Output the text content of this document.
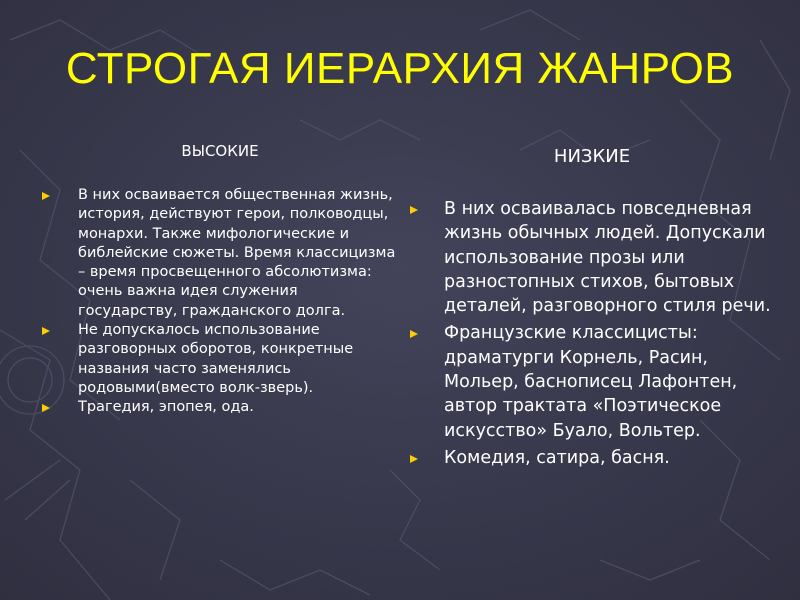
СТРОГАЯ ИЕРАРХИЯ ЖАНРОВ

ВЫСОКИЕ

В них осваивается общественная жизнь, история, действуют герои, полководцы, монархи. Также мифологические и библейские сюжеты. Время классицизма – время просвещенного абсолютизма: очень важна идея служения государству, гражданского долга.
Не допускалось использование разговорных оборотов, конкретные названия часто заменялись родовыми(вместо волк-зверь).
Трагедия, эпопея, ода.

НИЗКИЕ

В них осваивалась повседневная жизнь обычных людей. Допускали использование прозы или разностопных стихов, бытовых деталей, разговорного стиля речи.
Французские классицисты: драматурги Корнель, Расин, Мольер, баснописец Лафонтен, автор трактата «Поэтическое искусство» Буало, Вольтер.
Комедия, сатира, басня.
